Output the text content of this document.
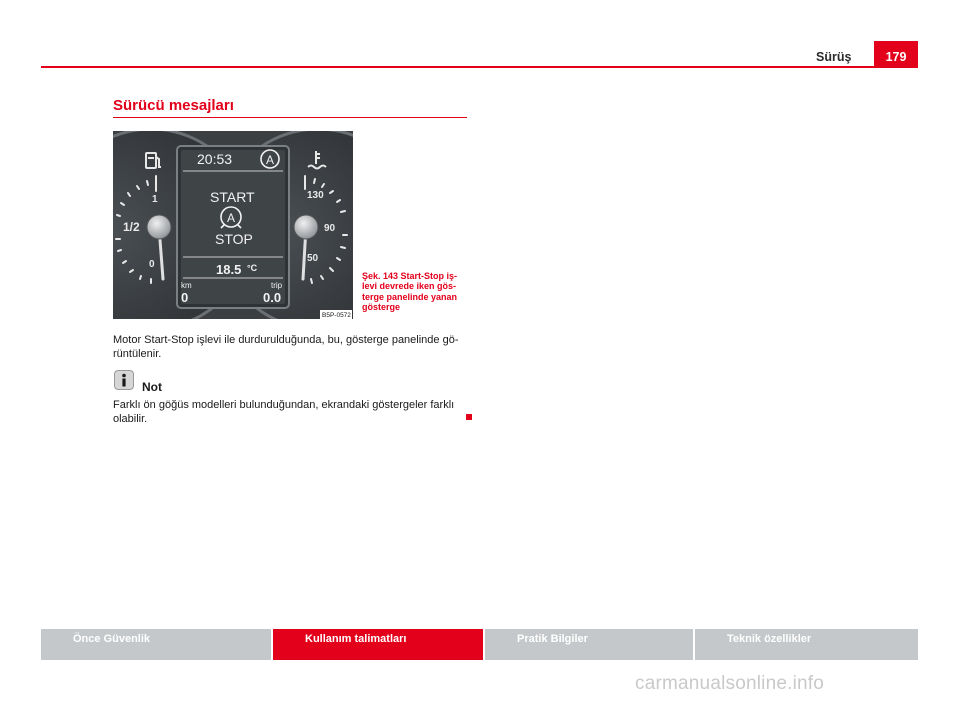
Sürüş	179
Sürücü mesajları
1
1/2
0
130
90
50
20:53	A
START
A
STOP
18.5 °C
km	trip
0	0.0
B5P-0572
Şek. 143 Start-Stop iş-levi devrede iken gös-terge panelinde yanan gösterge
Motor Start-Stop işlevi ile durdurulduğunda, bu, gösterge panelinde gö-rüntülenir.
Not
Farklı ön göğüs modelleri bulunduğundan, ekrandaki göstergeler farklı olabilir.
Önce Güvenlik	Kullanım talimatları	Pratik Bilgiler	Teknik özellikler
carmanualsonline.info
